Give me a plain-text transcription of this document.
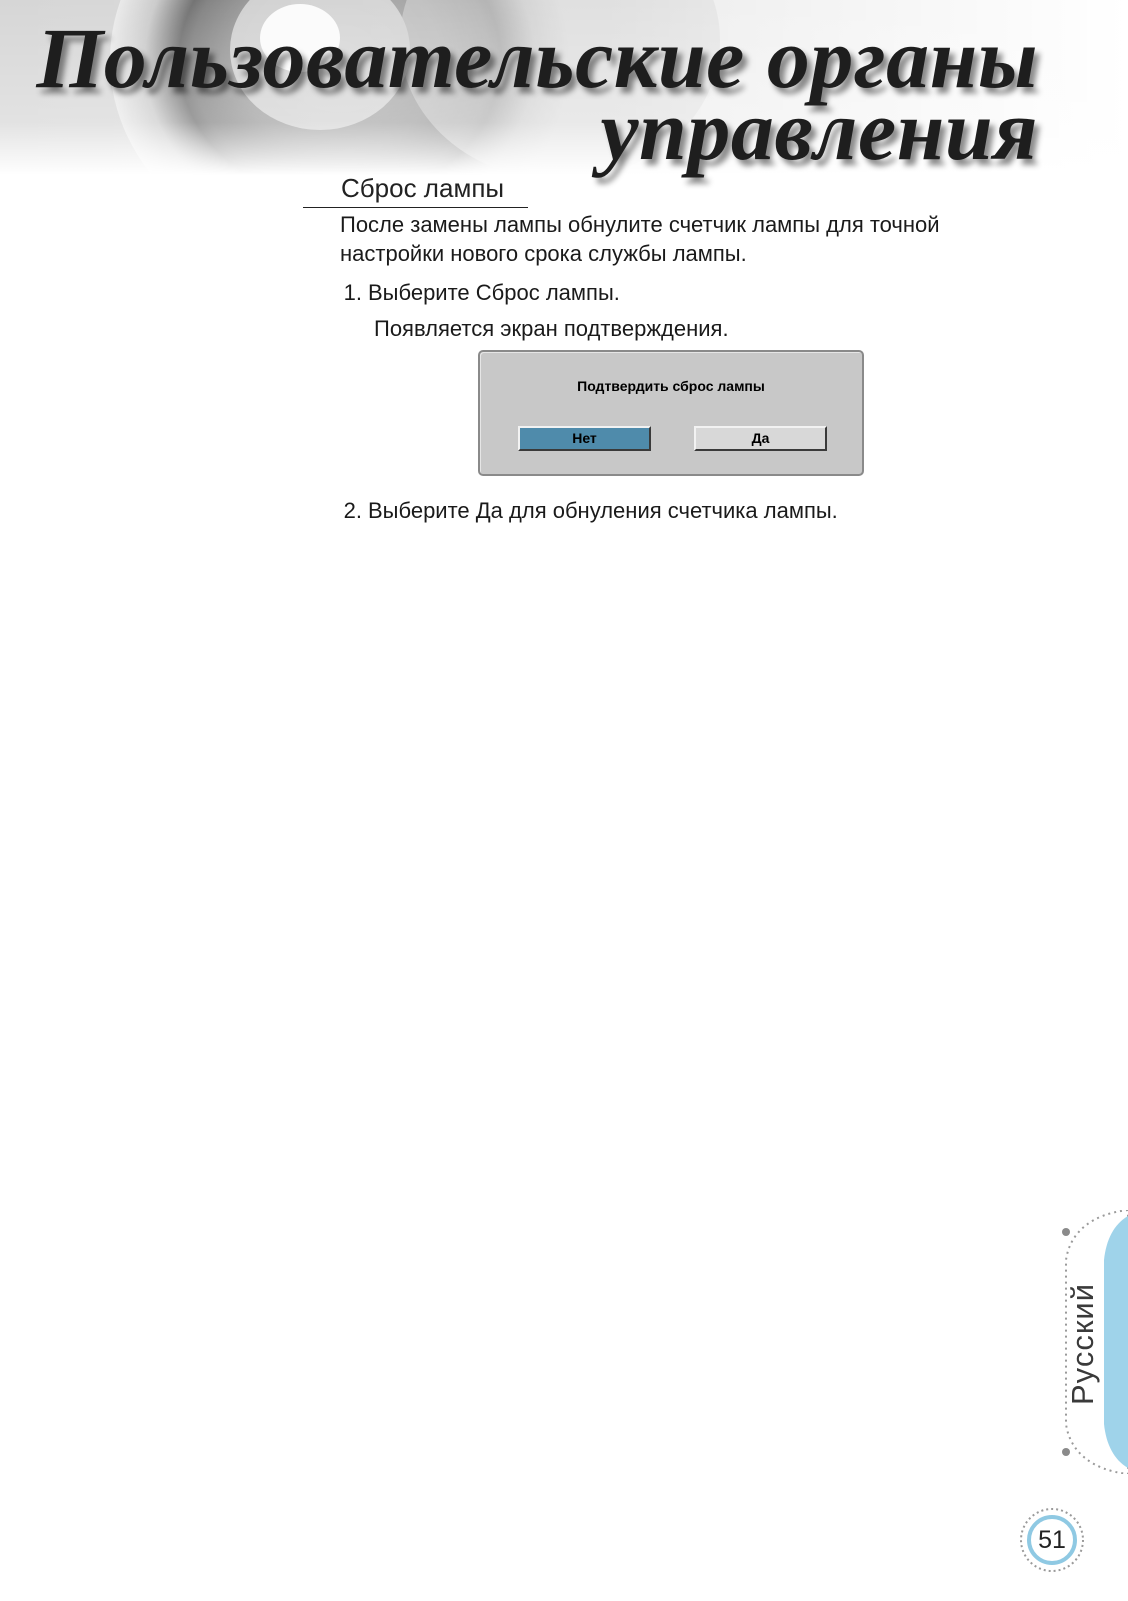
Пользовательские органы
управления
Сброс лампы

После замены лампы обнулите счетчик лампы для точной настройки нового срока службы лампы.

1. Выберите Сброс лампы.
Появляется экран подтверждения.
Подтвердить сброс лампы
Нет	Да
2. Выберите Да для обнуления счетчика лампы.
Русский
51
